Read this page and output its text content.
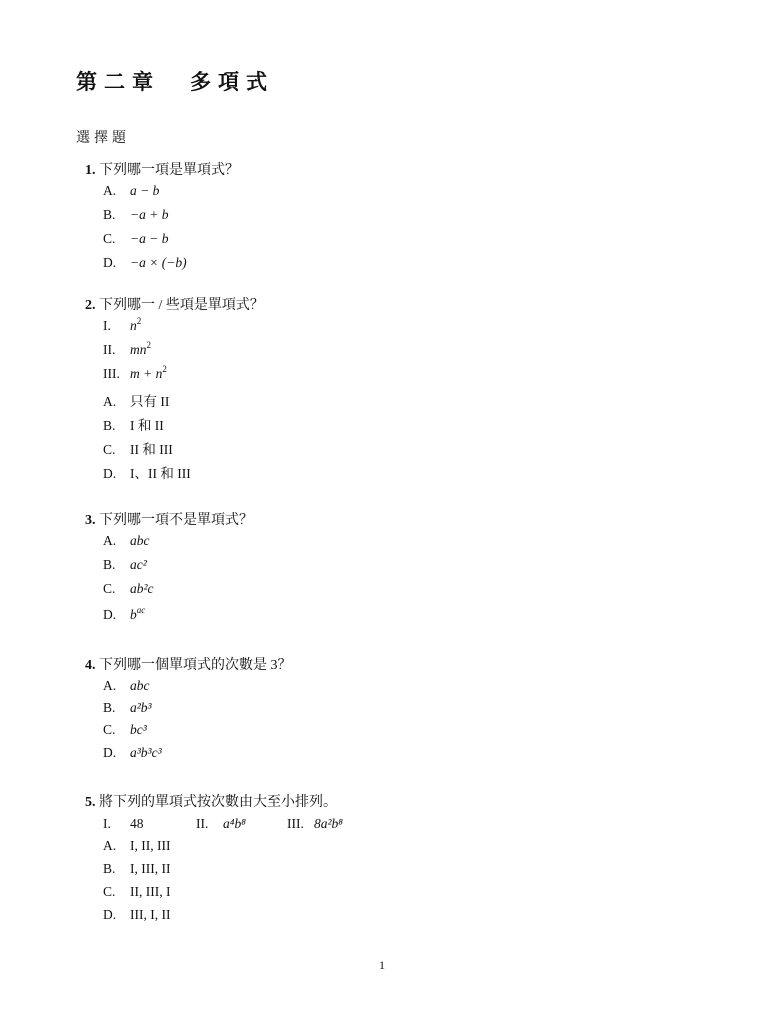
第二章 多項式
選擇題
1. 下列哪一項是單項式？
A. a − b
B. −a + b
C. −a − b
D. −a × (−b)
2. 下列哪一 / 些項是單項式？
I. $n^2$
II. $mn^2$
III. $m + n^2$
A. 只有 II
B. I 和 II
C. II 和 III
D. I、II 和 III
3. 下列哪一項不是單項式？
A. abc
B. ac²
C. ab²c
D. $b^{ac}$
4. 下列哪一個單項式的次數是 3？
A. abc
B. a²b³
C. bc³
D. a³b³c³
5. 將下列的單項式按次數由大至小排列。
I. 48	II. a⁴b⁸	III. 8a²b⁸
A. I, II, III
B. I, III, II
C. II, III, I
D. III, I, II
1
